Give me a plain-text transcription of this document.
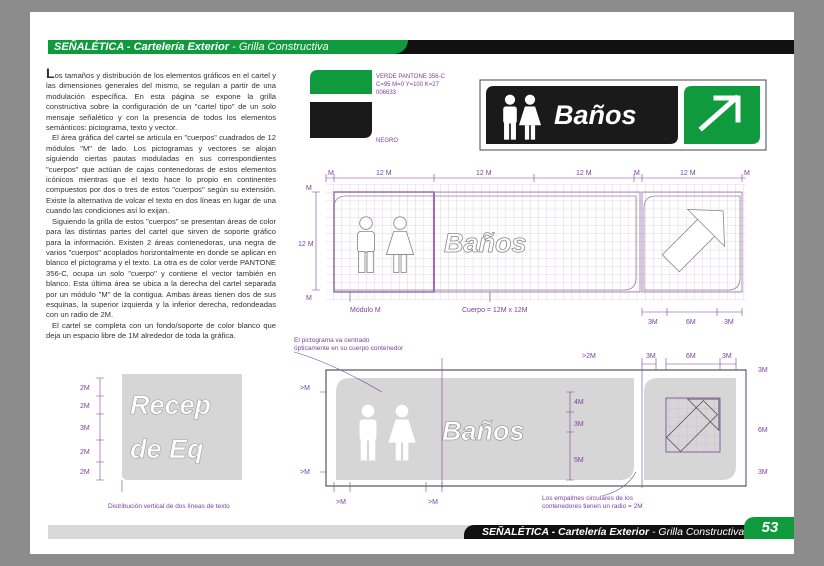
SEÑALÉTICA - Cartelería Exterior - Grilla Constructiva

Los tamaños y distribución de los elementos gráficos en el cartel y las dimensiones generales del mismo, se regulan a partir de una modulación específica. En esta página se expone la grilla constructiva sobre la configuración de un "cartel tipo" de un solo mensaje señalético y con la presencia de todos los elementos semánticos: pictograma, texto y vector.

El área gráfica del cartel se articula en "cuerpos" cuadrados de 12 módulos "M" de lado. Los pictogramas y vectores se alojan siguiendo ciertas pautas moduladas en sus correspondientes "cuerpos" que actúan de cajas contenedoras de estos elementos icónicos mientras que el texto hace lo propio en continentes compuestos por dos o tres de estos "cuerpos" según su extensión. Existe la alternativa de volcar el texto en dos líneas en lugar de una cuando las condiciones así lo exijan.

Siguiendo la grilla de estos "cuerpos" se presentan áreas de color para las distintas partes del cartel que sirven de soporte gráfico para la información. Existen 2 áreas contenedoras, una negra de varios "cuerpos" acoplados horizontalmente en donde se aplican en blanco el pictograma y el texto. La otra es de color verde PANTONE 356-C, ocupa un solo "cuerpo" y contiene el vector también en blanco. Esta última área se ubica a la derecha del cartel separada por un módulo "M" de la contigua. Ambas áreas tienen dos de sus esquinas, la superior izquierda y la inferior derecha, redondeadas con un radio de 2M.

El cartel se completa con un fondo/soporte de color blanco que deja un espacio libre de 1M alrededor de toda la gráfica.

VERDE PANTONE 356-C
C=95 M=0 Y=100 K=27
006633
NEGRO
Baños
Baños
M	12 M	12 M	12 M	M	12 M	M
M
12 M
M
Módulo M	Cuerpo = 12M x 12M
3M	6M	3M
Baños
El pictograma va centrado ópticamente en su cuerpo contenedor
>2M	3M	6M	3M
3M
6M
3M
4M
3M
5M
>M
>M
>M	>M
Los empalmes circulares de los contenedores tienen un radio = 2M
Recep
de Eq
2M
2M
3M
2M
2M
Distribución vertical de dos líneas de texto
SEÑALÉTICA - Cartelería Exterior - Grilla Constructiva	53
